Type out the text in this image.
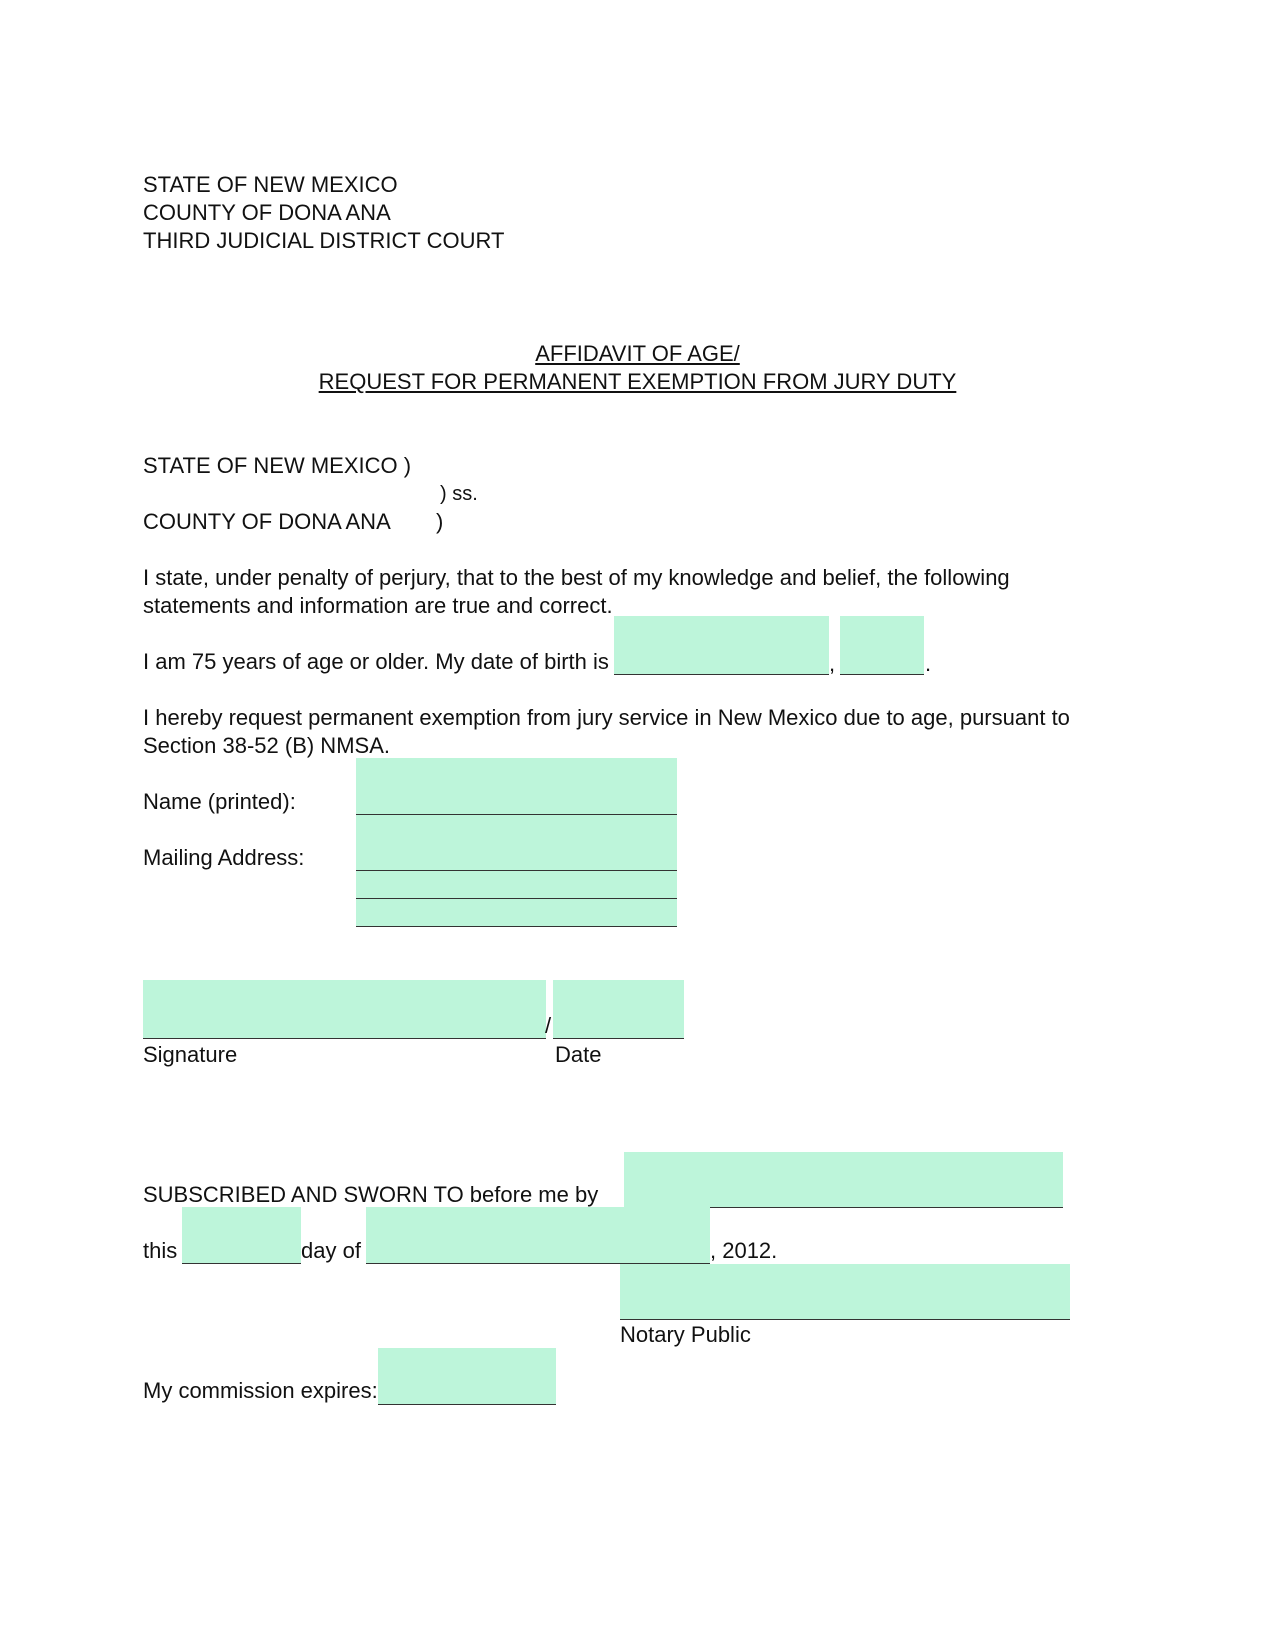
STATE OF NEW MEXICO
COUNTY OF DONA ANA
THIRD JUDICIAL DISTRICT COURT
AFFIDAVIT OF AGE/
REQUEST FOR PERMANENT EXEMPTION FROM JURY DUTY
STATE OF NEW MEXICO )
) ss.
COUNTY OF DONA ANA )
I state, under penalty of perjury, that to the best of my knowledge and belief, the following
statements and information are true and correct.
I am 75 years of age or older. My date of birth is	,	.
I hereby request permanent exemption from jury service in New Mexico due to age, pursuant to
Section 38-52 (B) NMSA.
Name (printed):
Mailing Address:
/
Signature	Date
SUBSCRIBED AND SWORN TO before me by
this	day of	, 2012.
Notary Public
My commission expires:
